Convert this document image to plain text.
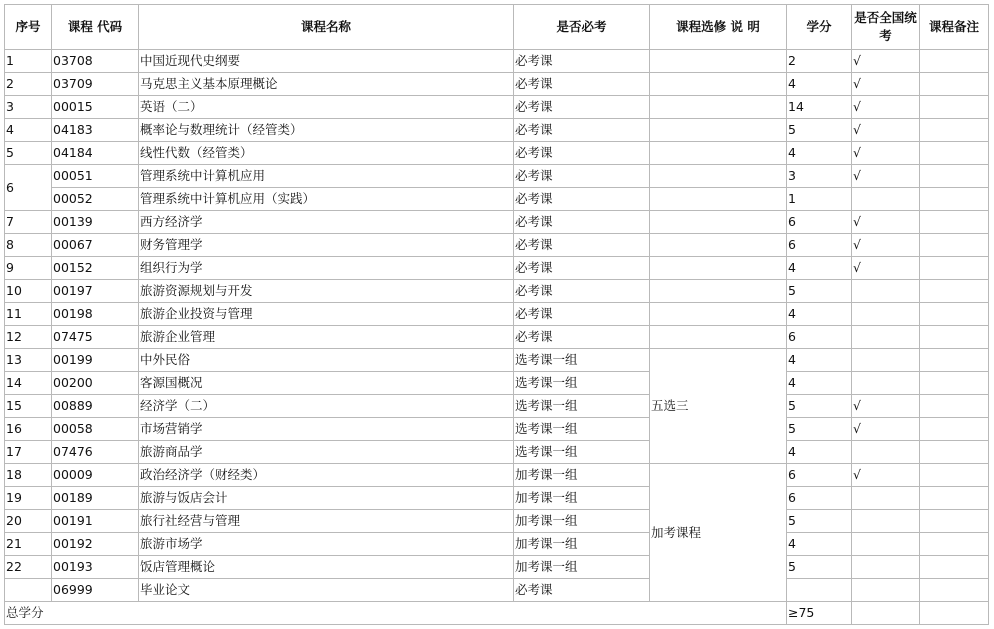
序号	课程 代码	课程名称	是否必考	课程选修 说 明	学分	是否全国统考	课程备注
1	03708	中国近现代史纲要	必考课		2	√	
2	03709	马克思主义基本原理概论	必考课		4	√	
3	00015	英语（二）	必考课		14	√	
4	04183	概率论与数理统计（经管类）	必考课		5	√	
5	04184	线性代数（经管类）	必考课		4	√	
6	00051	管理系统中计算机应用	必考课		3	√	
	00052	管理系统中计算机应用（实践）	必考课		1		
7	00139	西方经济学	必考课		6	√	
8	00067	财务管理学	必考课		6	√	
9	00152	组织行为学	必考课		4	√	
10	00197	旅游资源规划与开发	必考课		5		
11	00198	旅游企业投资与管理	必考课		4		
12	07475	旅游企业管理	必考课		6		
13	00199	中外民俗	选考课一组	五选三	4		
14	00200	客源国概况	选考课一组		4		
15	00889	经济学（二）	选考课一组		5	√	
16	00058	市场营销学	选考课一组		5	√	
17	07476	旅游商品学	选考课一组		4		
18	00009	政治经济学（财经类）	加考课一组	加考课程	6	√	
19	00189	旅游与饭店会计	加考课一组		6		
20	00191	旅行社经营与管理	加考课一组		5		
21	00192	旅游市场学	加考课一组		4		
22	00193	饭店管理概论	加考课一组		5		
	06999	毕业论文	必考课				
总学分					≥75		
